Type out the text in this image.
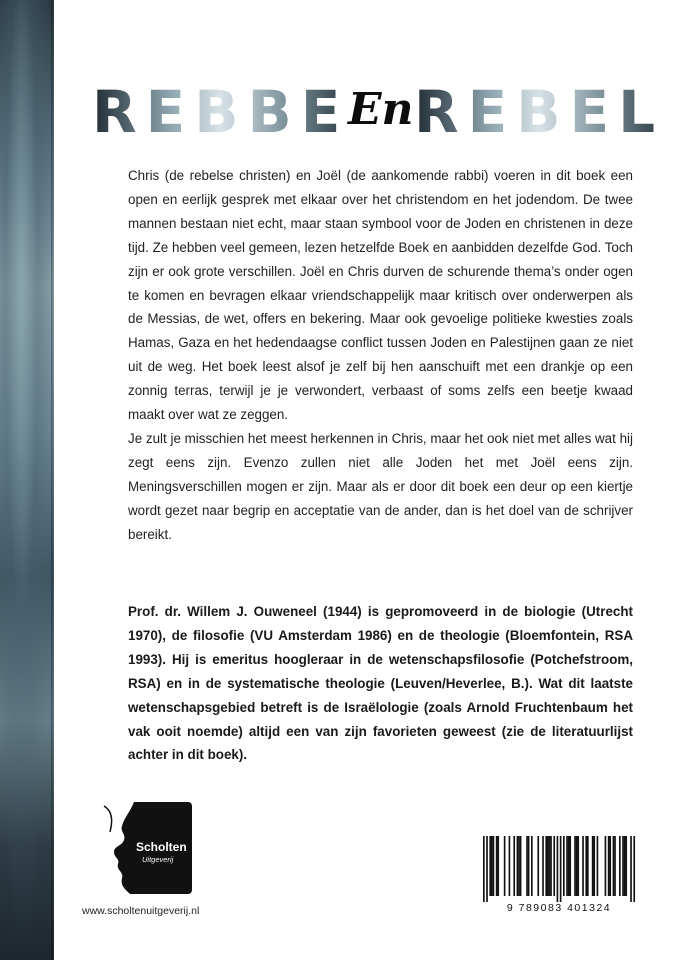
REBBE
En REBEL

Chris (de rebelse christen) en Joël (de aankomende rabbi) voeren in dit boek een open en eerlijk gesprek met elkaar over het christendom en het jodendom. De twee mannen bestaan niet echt, maar staan symbool voor de Joden en christenen in deze tijd. Ze hebben veel gemeen, lezen hetzelfde Boek en aanbidden dezelfde God. Toch zijn er ook grote verschillen. Joël en Chris durven de schurende thema’s onder ogen te komen en bevragen elkaar vriendschappelijk maar kritisch over onderwerpen als de Messias, de wet, offers en bekering. Maar ook gevoelige politieke kwesties zoals Hamas, Gaza en het hedendaagse conflict tussen Joden en Palestijnen gaan ze niet uit de weg. Het boek leest alsof je zelf bij hen aanschuift met een drankje op een zonnig terras, terwijl je je verwondert, verbaast of soms zelfs een beetje kwaad maakt over wat ze zeggen.

Je zult je misschien het meest herkennen in Chris, maar het ook niet met alles wat hij zegt eens zijn. Evenzo zullen niet alle Joden het met Joël eens zijn. Meningsverschillen mogen er zijn. Maar als er door dit boek een deur op een kiertje wordt gezet naar begrip en acceptatie van de ander, dan is het doel van de schrijver bereikt.

Prof. dr. Willem J. Ouweneel (1944) is gepromoveerd in de biologie (Utrecht 1970), de filosofie (VU Amsterdam 1986) en de theologie (Bloemfontein, RSA 1993). Hij is emeritus hoogleraar in de wetenschapsfilosofie (Potchefstroom, RSA) en in de systematische theologie (Leuven/Heverlee, B.). Wat dit laatste wetenschapsgebied betreft is de Israëlologie (zoals Arnold Fruchtenbaum het vak ooit noemde) altijd een van zijn favorieten geweest (zie de literatuurlijst achter in dit boek).
Scholten
Uitgeverij
www.scholtenuitgeverij.nl	9 789083 401324
